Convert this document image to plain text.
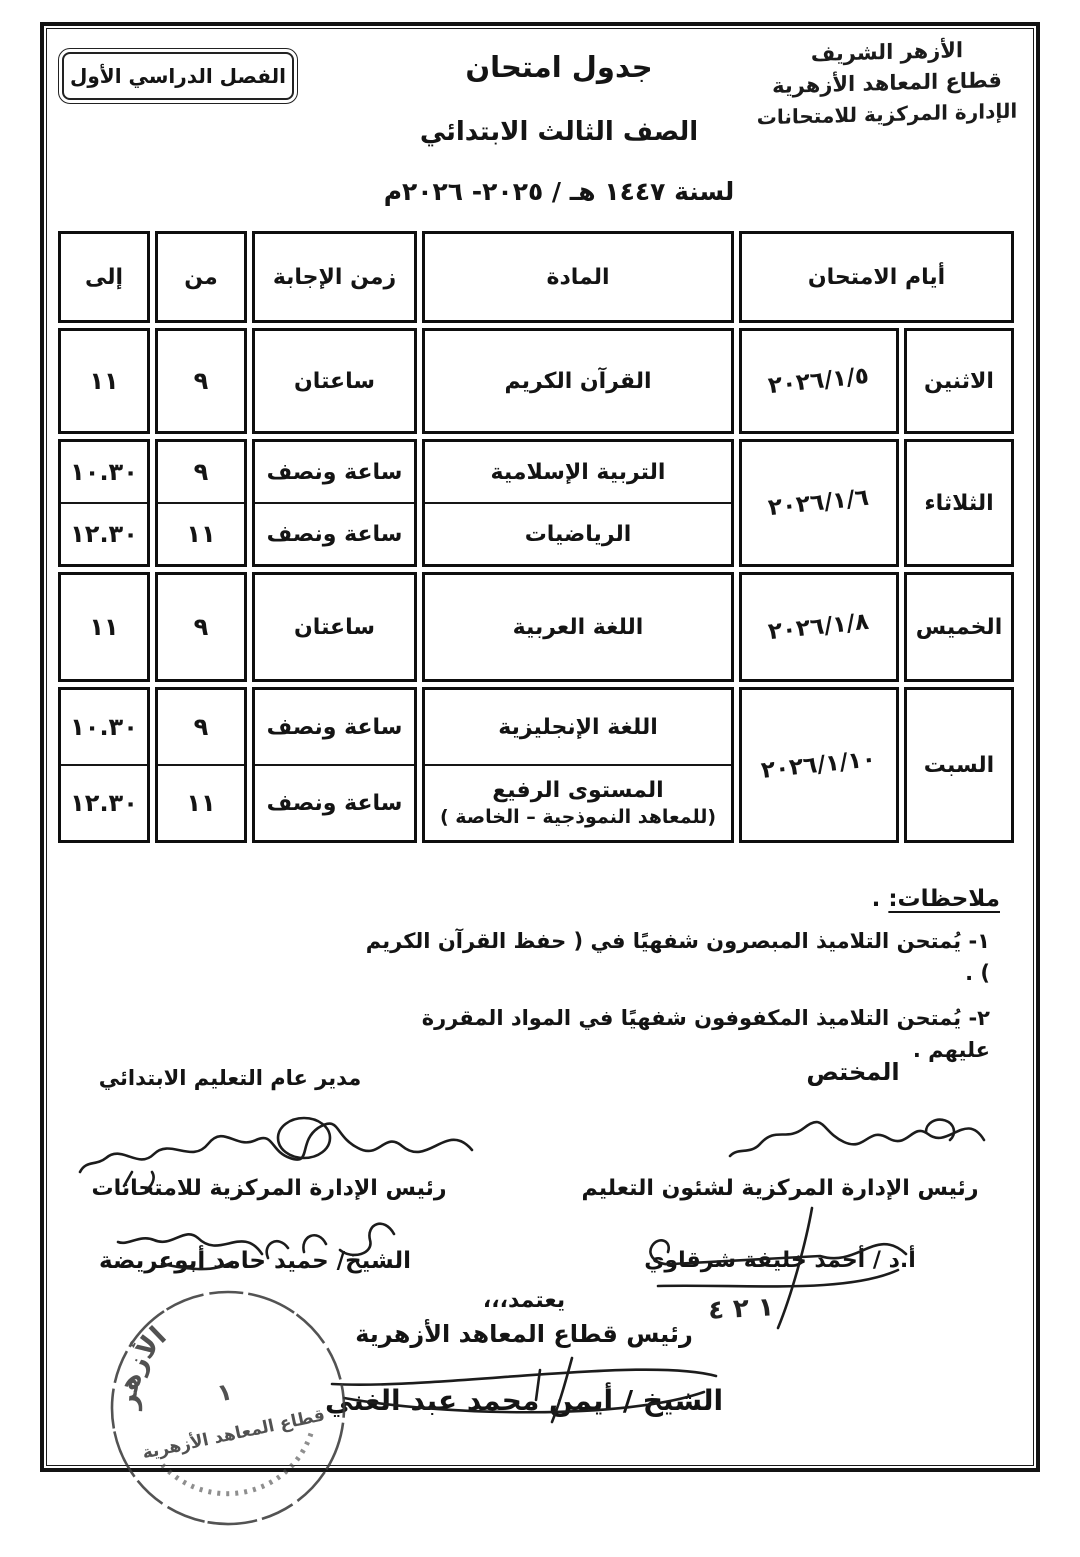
الفصل الدراسي الأول	جدول امتحان
الصف الثالث الابتدائي
لسنة ١٤٤٧ هـ / ٢٠٢٥- ٢٠٢٦م
الأزهر الشريف
قطاع المعاهد الأزهرية
الإدارة المركزية للامتحانات
أيام الامتحان
المادة
زمن الإجابة
من
إلى
الاثنين
٢٠٢٦/١/٥
القرآن الكريم
ساعتان
٩
١١
الثلاثاء
٢٠٢٦/١/٦
التربية الإسلامية
الرياضيات
ساعة ونصف
ساعة ونصف
٩
١١
١٠.٣٠
١٢.٣٠
الخميس
٢٠٢٦/١/٨
اللغة العربية
ساعتان
٩
١١
السبت
٢٠٢٦/١/١٠
اللغة الإنجليزية
المستوى الرفيع
(للمعاهد النموذجية – الخاصة )
ساعة ونصف
ساعة ونصف
٩
١١
١٠.٣٠
١٢.٣٠
ملاحظات: .
١- يُمتحن التلاميذ المبصرون شفهيًا في ( حفظ القرآن الكريم ) .
٢- يُمتحن التلاميذ المكفوفون شفهيًا في المواد المقررة عليهم .
المختص
مدير عام التعليم الابتدائي
رئيس الإدارة المركزية لشئون التعليم
أ.د / أحمد خليفة شرقاوي
١ ٢ ٤
رئيس الإدارة المركزية للامتحانات
الشيخ/ حميد حامد أبوعريضة
يعتمد،،،
رئيس قطاع المعاهد الأزهرية
الشيخ / أيمن محمد عبد الغني
الأزهر
١
قطاع المعاهد الأزهرية
